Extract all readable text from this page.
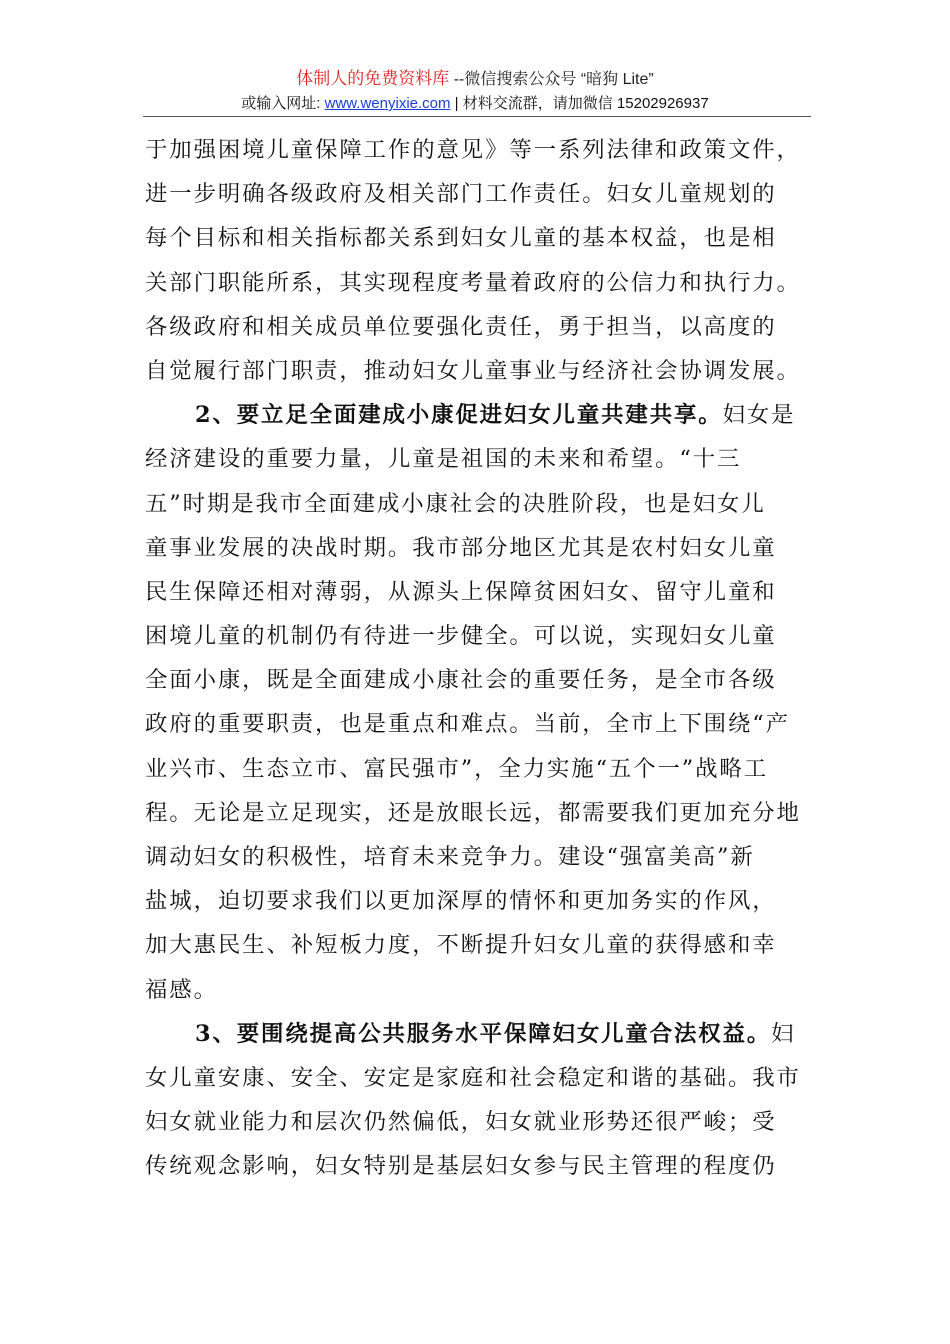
体制人的免费资料库 --微信搜索公众号 “暗狗 Lite”
或输入网址: www.wenyixie.com | 材料交流群，请加微信 15202926937
于加强困境儿童保障工作的意见》等一系列法律和政策文件，
进一步明确各级政府及相关部门工作责任。妇女儿童规划的
每个目标和相关指标都关系到妇女儿童的基本权益，也是相
关部门职能所系，其实现程度考量着政府的公信力和执行力。
各级政府和相关成员单位要强化责任，勇于担当，以高度的
自觉履行部门职责，推动妇女儿童事业与经济社会协调发展。
2、要立足全面建成小康促进妇女儿童共建共享。妇女是
经济建设的重要力量，儿童是祖国的未来和希望。“十三
五”时期是我市全面建成小康社会的决胜阶段，也是妇女儿
童事业发展的决战时期。我市部分地区尤其是农村妇女儿童
民生保障还相对薄弱，从源头上保障贫困妇女、留守儿童和
困境儿童的机制仍有待进一步健全。可以说，实现妇女儿童
全面小康，既是全面建成小康社会的重要任务，是全市各级
政府的重要职责，也是重点和难点。当前，全市上下围绕“产
业兴市、生态立市、富民强市”，全力实施“五个一”战略工
程。无论是立足现实，还是放眼长远，都需要我们更加充分地
调动妇女的积极性，培育未来竞争力。建设“强富美高”新
盐城，迫切要求我们以更加深厚的情怀和更加务实的作风，
加大惠民生、补短板力度，不断提升妇女儿童的获得感和幸
福感。
3、要围绕提高公共服务水平保障妇女儿童合法权益。妇
女儿童安康、安全、安定是家庭和社会稳定和谐的基础。我市
妇女就业能力和层次仍然偏低，妇女就业形势还很严峻；受
传统观念影响，妇女特别是基层妇女参与民主管理的程度仍
